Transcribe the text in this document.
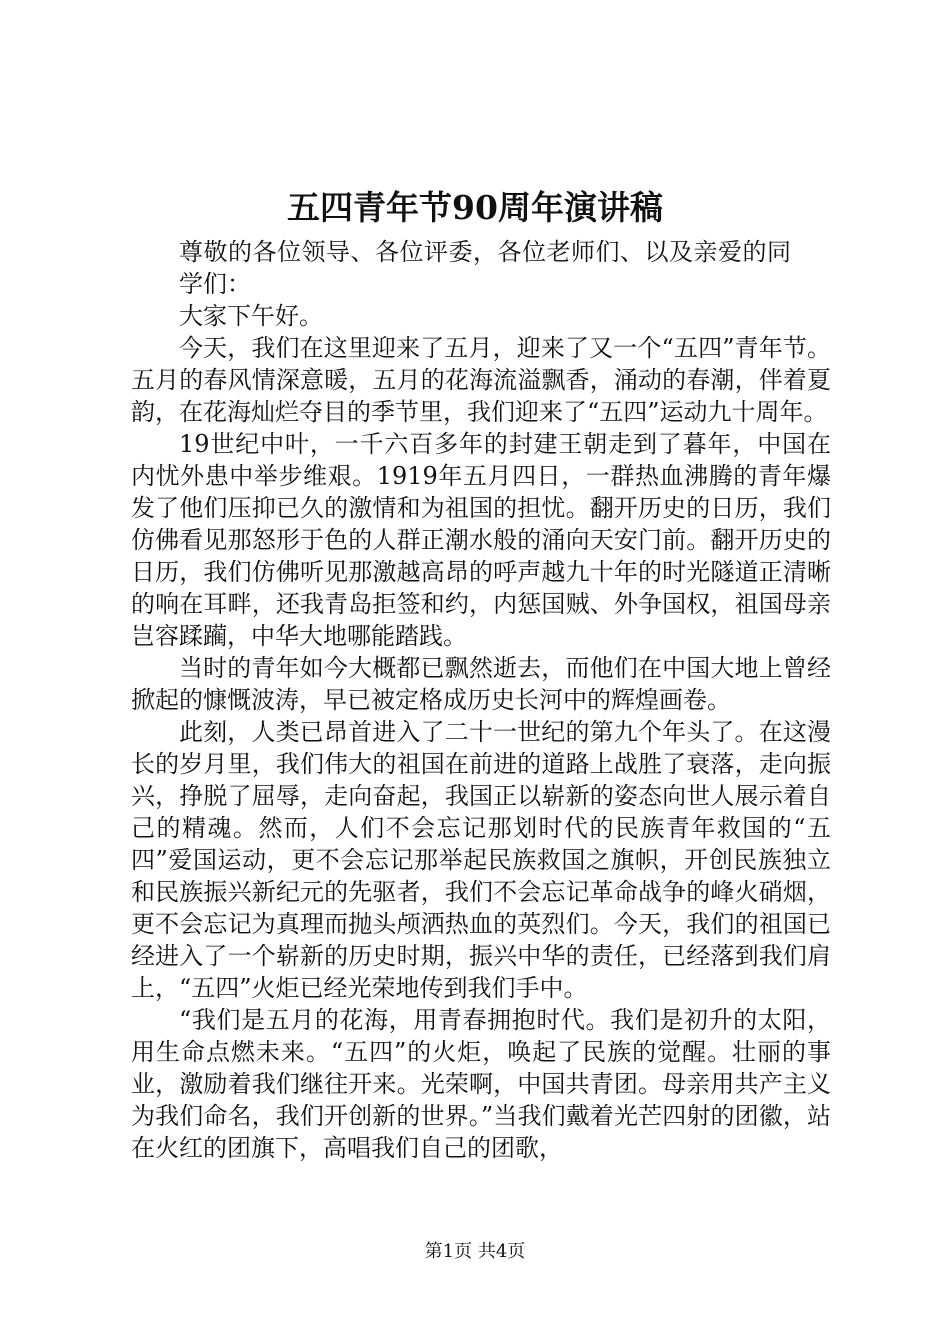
五四青年节90周年演讲稿

尊敬的各位领导、各位评委，各位老师们、以及亲爱的同学们：

大家下午好。

今天，我们在这里迎来了五月，迎来了又一个“五四”青年节。五月的春风情深意暖，五月的花海流溢飘香，涌动的春潮，伴着夏韵，在花海灿烂夺目的季节里，我们迎来了“五四”运动九十周年。

19世纪中叶，一千六百多年的封建王朝走到了暮年，中国在内忧外患中举步维艰。1919年五月四日，一群热血沸腾的青年爆发了他们压抑已久的激情和为祖国的担忧。翻开历史的日历，我们仿佛看见那怒形于色的人群正潮水般的涌向天安门前。翻开历史的日历，我们仿佛听见那激越高昂的呼声越九十年的时光隧道正清晰的响在耳畔，还我青岛拒签和约，内惩国贼、外争国权，祖国母亲岂容蹂躏，中华大地哪能踏践。

当时的青年如今大概都已飘然逝去，而他们在中国大地上曾经掀起的慷慨波涛，早已被定格成历史长河中的辉煌画卷。

此刻，人类已昂首进入了二十一世纪的第九个年头了。在这漫长的岁月里，我们伟大的祖国在前进的道路上战胜了衰落，走向振兴，挣脱了屈辱，走向奋起，我国正以崭新的姿态向世人展示着自己的精魂。然而，人们不会忘记那划时代的民族青年救国的“五四”爱国运动，更不会忘记那举起民族救国之旗帜，开创民族独立和民族振兴新纪元的先驱者，我们不会忘记革命战争的峰火硝烟，更不会忘记为真理而抛头颅洒热血的英烈们。今天，我们的祖国已经进入了一个崭新的历史时期，振兴中华的责任，已经落到我们肩上，“五四”火炬已经光荣地传到我们手中。

“我们是五月的花海，用青春拥抱时代。我们是初升的太阳，用生命点燃未来。“五四”的火炬，唤起了民族的觉醒。壮丽的事业，激励着我们继往开来。光荣啊，中国共青团。母亲用共产主义为我们命名，我们开创新的世界。”当我们戴着光芒四射的团徽，站在火红的团旗下，高唱我们自己的团歌，

第1页 共4页
